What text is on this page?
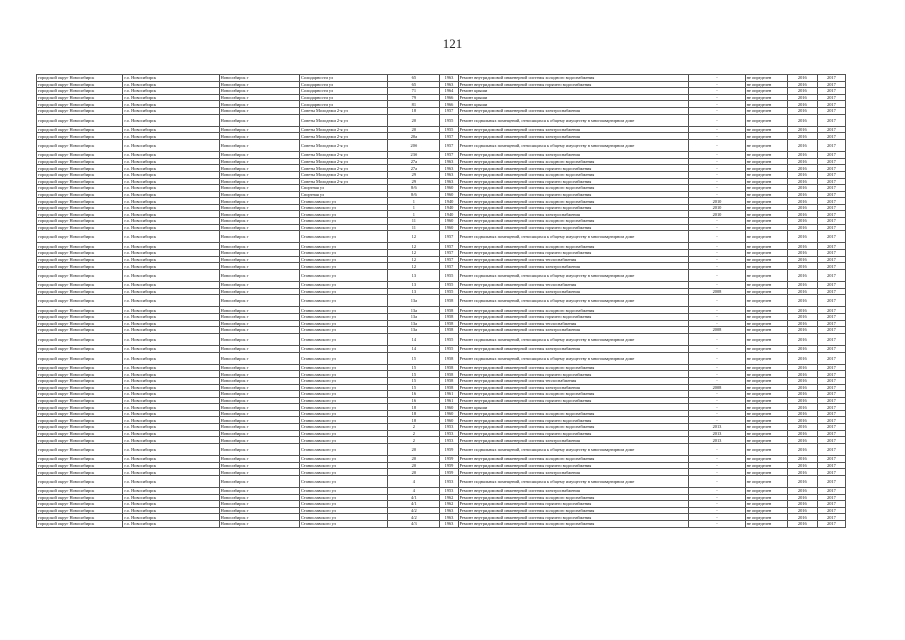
121
городской округ Новосибирск	г.о. Новосибирск	Новосибирск г	Солидарности ул	65	1963	Ремонт внутридомовой инженерной системы холодного водоснабжения	-	не определен	2016	2017
городской округ Новосибирск	г.о. Новосибирск	Новосибирск г	Солидарности ул	65	1963	Ремонт внутридомовой инженерной системы горячего водоснабжения	-	не определен	2016	2017
городской округ Новосибирск	г.о. Новосибирск	Новосибирск г	Солидарности ул	71	1964	Ремонт крыши	-	не определен	2016	2017
городской округ Новосибирск	г.о. Новосибирск	Новосибирск г	Солидарности ул	79	1966	Ремонт крыши	-	не определен	2016	2017
городской округ Новосибирск	г.о. Новосибирск	Новосибирск г	Солидарности ул	81	1966	Ремонт крыши	-	не определен	2016	2017
городской округ Новосибирск	г.о. Новосибирск	Новосибирск г	Советы Молодежи 2-я ул	18	1957	Ремонт внутридомовой инженерной системы электроснабжения	-	не определен	2016	2017
городской округ Новосибирск	г.о. Новосибирск	Новосибирск г	Советы Молодежи 2-я ул	20	1955	Ремонт подвальных помещений, относящихся к общему имуществу в многоквартирном доме	-	не определен	2016	2017
городской округ Новосибирск	г.о. Новосибирск	Новосибирск г	Советы Молодежи 2-я ул	20	1955	Ремонт внутридомовой инженерной системы электроснабжения	-	не определен	2016	2017
городской округ Новосибирск	г.о. Новосибирск	Новосибирск г	Советы Молодежи 2-я ул	20а	1957	Ремонт внутридомовой инженерной системы электроснабжения	-	не определен	2016	2017
городской округ Новосибирск	г.о. Новосибирск	Новосибирск г	Советы Молодежи 2-я ул	20б	1957	Ремонт подвальных помещений, относящихся к общему имуществу в многоквартирном доме	-	не определен	2016	2017
городской округ Новосибирск	г.о. Новосибирск	Новосибирск г	Советы Молодежи 2-я ул	23б	1957	Ремонт внутридомовой инженерной системы электроснабжения	-	не определен	2016	2017
городской округ Новосибирск	г.о. Новосибирск	Новосибирск г	Советы Молодежи 2-я ул	27а	1963	Ремонт внутридомовой инженерной системы холодного водоснабжения	-	не определен	2016	2017
городской округ Новосибирск	г.о. Новосибирск	Новосибирск г	Советы Молодежи 2-я ул	27а	1963	Ремонт внутридомовой инженерной системы горячего водоснабжения	-	не определен	2016	2017
городской округ Новосибирск	г.о. Новосибирск	Новосибирск г	Советы Молодежи 2-я ул	29	1963	Ремонт внутридомовой инженерной системы холодного водоснабжения	-	не определен	2016	2017
городской округ Новосибирск	г.о. Новосибирск	Новосибирск г	Советы Молодежи 2-я ул	29	1963	Ремонт внутридомовой инженерной системы горячего водоснабжения	-	не определен	2016	2017
городской округ Новосибирск	г.о. Новосибирск	Новосибирск г	Спортная ул	8/6	1960	Ремонт внутридомовой инженерной системы холодного водоснабжения	-	не определен	2016	2017
городской округ Новосибирск	г.о. Новосибирск	Новосибирск г	Спортная ул	8/6	1960	Ремонт внутридомовой инженерной системы горячего водоснабжения	-	не определен	2016	2017
городской округ Новосибирск	г.о. Новосибирск	Новосибирск г	Станиславского ул	1	1940	Ремонт внутридомовой инженерной системы холодного водоснабжения	2010	не определен	2016	2017
городской округ Новосибирск	г.о. Новосибирск	Новосибирск г	Станиславского ул	1	1940	Ремонт внутридомовой инженерной системы горячего водоснабжения	2010	не определен	2016	2017
городской округ Новосибирск	г.о. Новосибирск	Новосибирск г	Станиславского ул	1	1940	Ремонт внутридомовой инженерной системы электроснабжения	2010	не определен	2016	2017
городской округ Новосибирск	г.о. Новосибирск	Новосибирск г	Станиславского ул	11	1960	Ремонт внутридомовой инженерной системы холодного водоснабжения	-	не определен	2016	2017
городской округ Новосибирск	г.о. Новосибирск	Новосибирск г	Станиславского ул	11	1960	Ремонт внутридомовой инженерной системы горячего водоснабжения	-	не определен	2016	2017
городской округ Новосибирск	г.о. Новосибирск	Новосибирск г	Станиславского ул	12	1957	Ремонт подвальных помещений, относящихся к общему имуществу в многоквартирном доме	-	не определен	2016	2017
городской округ Новосибирск	г.о. Новосибирск	Новосибирск г	Станиславского ул	12	1957	Ремонт внутридомовой инженерной системы холодного водоснабжения	-	не определен	2016	2017
городской округ Новосибирск	г.о. Новосибирск	Новосибирск г	Станиславского ул	12	1957	Ремонт внутридомовой инженерной системы горячего водоснабжения	-	не определен	2016	2017
городской округ Новосибирск	г.о. Новосибирск	Новосибирск г	Станиславского ул	12	1957	Ремонт внутридомовой инженерной системы теплоснабжения	-	не определен	2016	2017
городской округ Новосибирск	г.о. Новосибирск	Новосибирск г	Станиславского ул	12	1957	Ремонт внутридомовой инженерной системы электроснабжения	-	не определен	2016	2017
городской округ Новосибирск	г.о. Новосибирск	Новосибирск г	Станиславского ул	13	1955	Ремонт подвальных помещений, относящихся к общему имуществу в многоквартирном доме	-	не определен	2016	2017
городской округ Новосибирск	г.о. Новосибирск	Новосибирск г	Станиславского ул	13	1955	Ремонт внутридомовой инженерной системы теплоснабжения	-	не определен	2016	2017
городской округ Новосибирск	г.о. Новосибирск	Новосибирск г	Станиславского ул	13	1955	Ремонт внутридомовой инженерной системы электроснабжения	2008	не определен	2016	2017
городской округ Новосибирск	г.о. Новосибирск	Новосибирск г	Станиславского ул	13а	1958	Ремонт подвальных помещений, относящихся к общему имуществу в многоквартирном доме	-	не определен	2016	2017
городской округ Новосибирск	г.о. Новосибирск	Новосибирск г	Станиславского ул	13а	1958	Ремонт внутридомовой инженерной системы холодного водоснабжения	-	не определен	2016	2017
городской округ Новосибирск	г.о. Новосибирск	Новосибирск г	Станиславского ул	13а	1958	Ремонт внутридомовой инженерной системы горячего водоснабжения	-	не определен	2016	2017
городской округ Новосибирск	г.о. Новосибирск	Новосибирск г	Станиславского ул	13а	1958	Ремонт внутридомовой инженерной системы теплоснабжения	-	не определен	2016	2017
городской округ Новосибирск	г.о. Новосибирск	Новосибирск г	Станиславского ул	13а	1958	Ремонт внутридомовой инженерной системы электроснабжения	2008	не определен	2016	2017
городской округ Новосибирск	г.о. Новосибирск	Новосибирск г	Станиславского ул	14	1955	Ремонт подвальных помещений, относящихся к общему имуществу в многоквартирном доме	-	не определен	2016	2017
городской округ Новосибирск	г.о. Новосибирск	Новосибирск г	Станиславского ул	14	1955	Ремонт внутридомовой инженерной системы электроснабжения	-	не определен	2016	2017
городской округ Новосибирск	г.о. Новосибирск	Новосибирск г	Станиславского ул	15	1958	Ремонт подвальных помещений, относящихся к общему имуществу в многоквартирном доме	-	не определен	2016	2017
городской округ Новосибирск	г.о. Новосибирск	Новосибирск г	Станиславского ул	15	1958	Ремонт внутридомовой инженерной системы холодного водоснабжения	-	не определен	2016	2017
городской округ Новосибирск	г.о. Новосибирск	Новосибирск г	Станиславского ул	15	1958	Ремонт внутридомовой инженерной системы горячего водоснабжения	-	не определен	2016	2017
городской округ Новосибирск	г.о. Новосибирск	Новосибирск г	Станиславского ул	15	1958	Ремонт внутридомовой инженерной системы теплоснабжения	-	не определен	2016	2017
городской округ Новосибирск	г.о. Новосибирск	Новосибирск г	Станиславского ул	15	1958	Ремонт внутридомовой инженерной системы электроснабжения	2008	не определен	2016	2017
городской округ Новосибирск	г.о. Новосибирск	Новосибирск г	Станиславского ул	16	1961	Ремонт внутридомовой инженерной системы холодного водоснабжения	-	не определен	2016	2017
городской округ Новосибирск	г.о. Новосибирск	Новосибирск г	Станиславского ул	16	1961	Ремонт внутридомовой инженерной системы горячего водоснабжения	-	не определен	2016	2017
городской округ Новосибирск	г.о. Новосибирск	Новосибирск г	Станиславского ул	18	1960	Ремонт крыши	-	не определен	2016	2017
городской округ Новосибирск	г.о. Новосибирск	Новосибирск г	Станиславского ул	18	1960	Ремонт внутридомовой инженерной системы холодного водоснабжения	-	не определен	2016	2017
городской округ Новосибирск	г.о. Новосибирск	Новосибирск г	Станиславского ул	18	1960	Ремонт внутридомовой инженерной системы горячего водоснабжения	-	не определен	2016	2017
городской округ Новосибирск	г.о. Новосибирск	Новосибирск г	Станиславского ул	2	1953	Ремонт внутридомовой инженерной системы холодного водоснабжения	2013	не определен	2016	2017
городской округ Новосибирск	г.о. Новосибирск	Новосибирск г	Станиславского ул	2	1953	Ремонт внутридомовой инженерной системы горячего водоснабжения	2013	не определен	2016	2017
городской округ Новосибирск	г.о. Новосибирск	Новосибирск г	Станиславского ул	2	1953	Ремонт внутридомовой инженерной системы электроснабжения	2013	не определен	2016	2017
городской округ Новосибирск	г.о. Новосибирск	Новосибирск г	Станиславского ул	20	1959	Ремонт подвальных помещений, относящихся к общему имуществу в многоквартирном доме	-	не определен	2016	2017
городской округ Новосибирск	г.о. Новосибирск	Новосибирск г	Станиславского ул	20	1959	Ремонт внутридомовой инженерной системы холодного водоснабжения	-	не определен	2016	2017
городской округ Новосибирск	г.о. Новосибирск	Новосибирск г	Станиславского ул	20	1959	Ремонт внутридомовой инженерной системы горячего водоснабжения	-	не определен	2016	2017
городской округ Новосибирск	г.о. Новосибирск	Новосибирск г	Станиславского ул	20	1959	Ремонт внутридомовой инженерной системы электроснабжения	-	не определен	2016	2017
городской округ Новосибирск	г.о. Новосибирск	Новосибирск г	Станиславского ул	4	1953	Ремонт подвальных помещений, относящихся к общему имуществу в многоквартирном доме	-	не определен	2016	2017
городской округ Новосибирск	г.о. Новосибирск	Новосибирск г	Станиславского ул	4	1953	Ремонт внутридомовой инженерной системы электроснабжения	-	не определен	2016	2017
городской округ Новосибирск	г.о. Новосибирск	Новосибирск г	Станиславского ул	4/1	1962	Ремонт внутридомовой инженерной системы холодного водоснабжения	-	не определен	2016	2017
городской округ Новосибирск	г.о. Новосибирск	Новосибирск г	Станиславского ул	4/1	1962	Ремонт внутридомовой инженерной системы горячего водоснабжения	-	не определен	2016	2017
городской округ Новосибирск	г.о. Новосибирск	Новосибирск г	Станиславского ул	4/2	1963	Ремонт внутридомовой инженерной системы холодного водоснабжения	-	не определен	2016	2017
городской округ Новосибирск	г.о. Новосибирск	Новосибирск г	Станиславского ул	4/2	1963	Ремонт внутридомовой инженерной системы горячего водоснабжения	-	не определен	2016	2017
городской округ Новосибирск	г.о. Новосибирск	Новосибирск г	Станиславского ул	4/3	1963	Ремонт внутридомовой инженерной системы холодного водоснабжения	-	не определен	2016	2017
